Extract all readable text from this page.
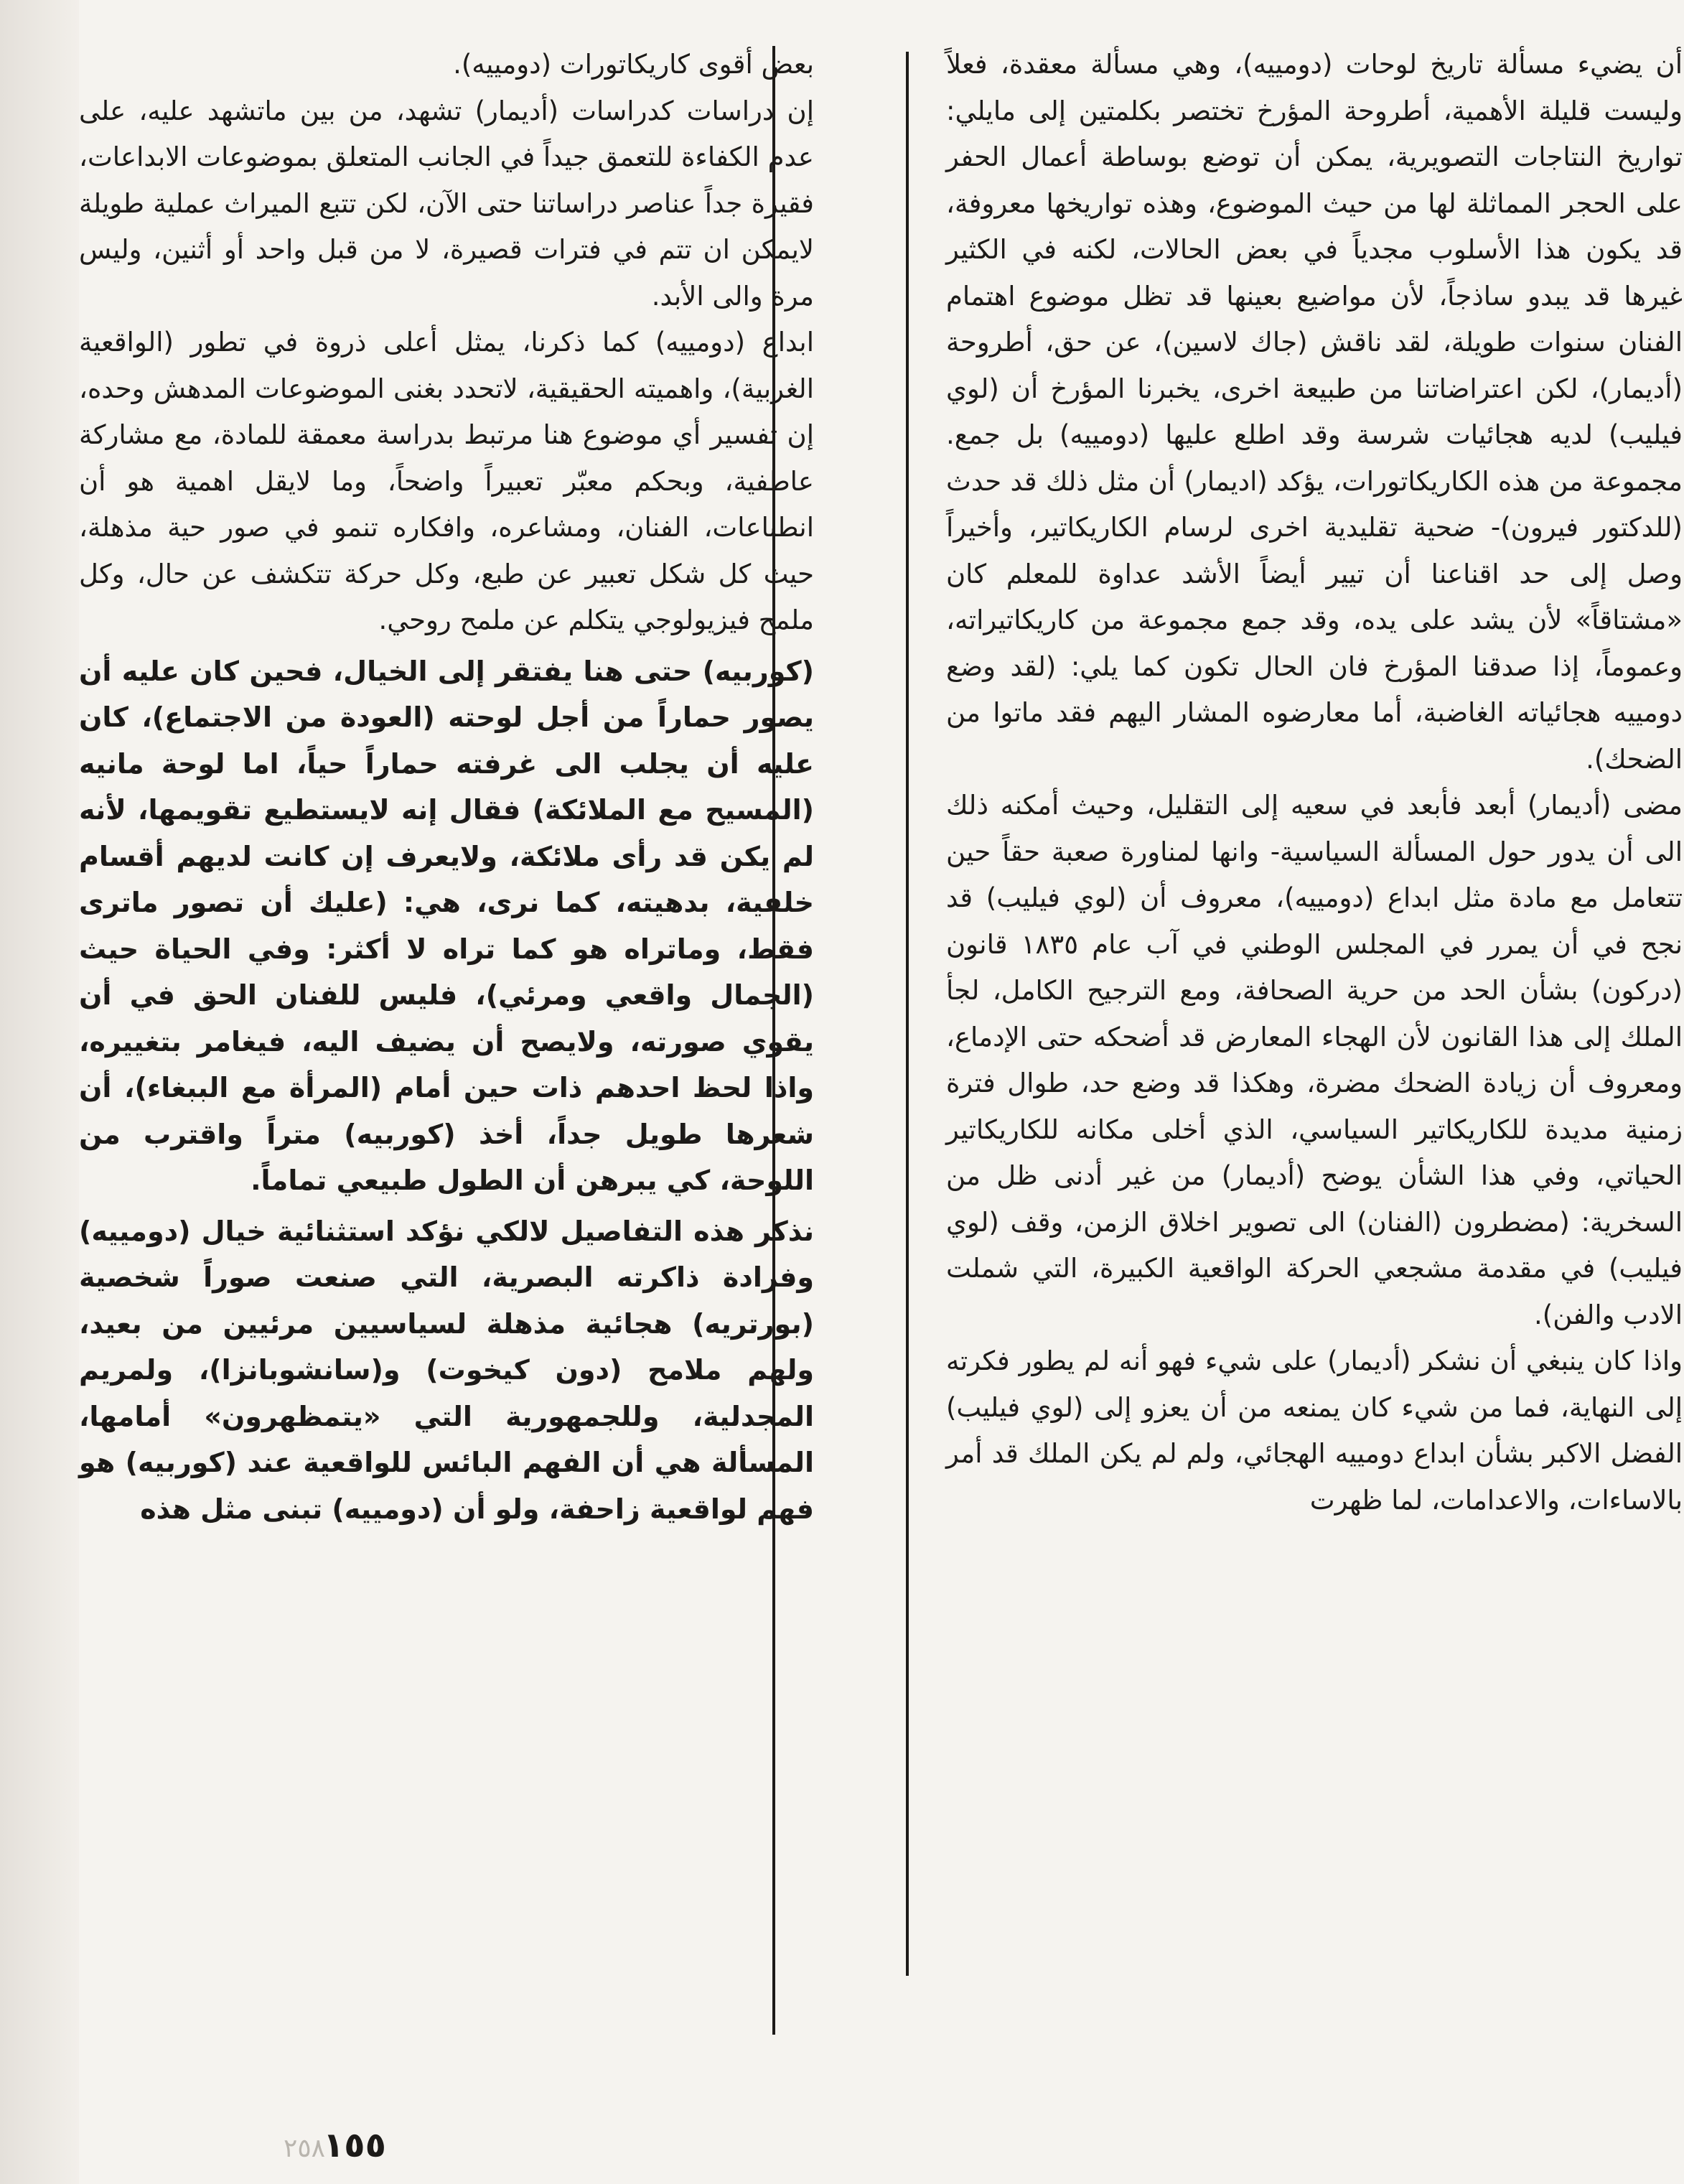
أن يضيء مسألة تاريخ لوحات (دومييه)، وهي مسألة معقدة، فعلاً وليست قليلة الأهمية، أطروحة المؤرخ تختصر بكلمتين إلى مايلي: تواريخ النتاجات التصويرية، يمكن أن توضع بوساطة أعمال الحفر على الحجر المماثلة لها من حيث الموضوع، وهذه تواريخها معروفة، قد يكون هذا الأسلوب مجدياً في بعض الحالات، لكنه في الكثير غيرها قد يبدو ساذجاً، لأن مواضيع بعينها قد تظل موضوع اهتمام الفنان سنوات طويلة، لقد ناقش (جاك لاسين)، عن حق، أطروحة (أديمار)، لكن اعتراضاتنا من طبيعة اخرى، يخبرنا المؤرخ أن (لوي فيليب) لديه هجائيات شرسة وقد اطلع عليها (دومييه) بل جمع. مجموعة من هذه الكاريكاتورات، يؤكد (اديمار) أن مثل ذلك قد حدث (للدكتور فيرون)- ضحية تقليدية اخرى لرسام الكاريكاتير، وأخيراً وصل إلى حد اقناعنا أن تيير أيضاً الأشد عداوة للمعلم كان «مشتاقاً» لأن يشد على يده، وقد جمع مجموعة من كاريكاتيراته، وعموماً، إذا صدقنا المؤرخ فان الحال تكون كما يلي: (لقد وضع دومييه هجائياته الغاضبة، أما معارضوه المشار اليهم فقد ماتوا من الضحك).

مضى (أديمار) أبعد فأبعد في سعيه إلى التقليل، وحيث أمكنه ذلك الى أن يدور حول المسألة السياسية- وانها لمناورة صعبة حقاً حين تتعامل مع مادة مثل ابداع (دومييه)، معروف أن (لوي فيليب) قد نجح في أن يمرر في المجلس الوطني في آب عام ١٨٣٥ قانون (دركون) بشأن الحد من حرية الصحافة، ومع الترجيح الكامل، لجأ الملك إلى هذا القانون لأن الهجاء المعارض قد أضحكه حتى الإدماع، ومعروف أن زيادة الضحك مضرة، وهكذا قد وضع حد، طوال فترة زمنية مديدة للكاريكاتير السياسي، الذي أخلى مكانه للكاريكاتير الحياتي، وفي هذا الشأن يوضح (أديمار) من غير أدنى ظل من السخرية: (مضطرون (الفنان) الى تصوير اخلاق الزمن، وقف (لوي فيليب) في مقدمة مشجعي الحركة الواقعية الكبيرة، التي شملت الادب والفن).

واذا كان ينبغي أن نشكر (أديمار) على شيء فهو أنه لم يطور فكرته إلى النهاية، فما من شيء كان يمنعه من أن يعزو إلى (لوي فيليب) الفضل الاكبر بشأن ابداع دومييه الهجائي، ولم لم يكن الملك قد أمر بالاساءات، والاعدامات، لما ظهرت

بعض أقوى كاريكاتورات (دومييه).

إن دراسات كدراسات (أديمار) تشهد، من بين ماتشهد عليه، على عدم الكفاءة للتعمق جيداً في الجانب المتعلق بموضوعات الابداعات، فقيرة جداً عناصر دراساتنا حتى الآن، لكن تتبع الميراث عملية طويلة لايمكن ان تتم في فترات قصيرة، لا من قبل واحد أو أثنين، وليس مرة والى الأبد.

ابداع (دومييه) كما ذكرنا، يمثل أعلى ذروة في تطور (الواقعية الغربية)، واهميته الحقيقية، لاتحدد بغنى الموضوعات المدهش وحده، إن تفسير أي موضوع هنا مرتبط بدراسة معمقة للمادة، مع مشاركة عاطفية، وبحكم معبّر تعبيراً واضحاً، وما لايقل اهمية هو أن انطباعات، الفنان، ومشاعره، وافكاره تنمو في صور حية مذهلة، حيث كل شكل تعبير عن طبع، وكل حركة تتكشف عن حال، وكل ملمح فيزيولوجي يتكلم عن ملمح روحي.

(كوربيه) حتى هنا يفتقر إلى الخيال، فحين كان عليه أن يصور حماراً من أجل لوحته (العودة من الاجتماع)، كان عليه أن يجلب الى غرفته حماراً حياً، اما لوحة مانيه (المسيح مع الملائكة) فقال إنه لايستطيع تقويمها، لأنه لم يكن قد رأى ملائكة، ولايعرف إن كانت لديهم أقسام خلفية، بدهيته، كما نرى، هي: (عليك أن تصور ماترى فقط، وماتراه هو كما تراه لا أكثر: وفي الحياة حيث (الجمال واقعي ومرئي)، فليس للفنان الحق في أن يقوي صورته، ولايصح أن يضيف اليه، فيغامر بتغييره، واذا لحظ احدهم ذات حين أمام (المرأة مع الببغاء)، أن شعرها طويل جداً، أخذ (كوربيه) متراً واقترب من اللوحة، كي يبرهن أن الطول طبيعي تماماً.

نذكر هذه التفاصيل لالكي نؤكد استثنائية خيال (دومييه) وفرادة ذاكرته البصرية، التي صنعت صوراً شخصية (بورتريه) هجائية مذهلة لسياسيين مرئيين من بعيد، ولهم ملامح (دون كيخوت) و(سانشوبانزا)، ولمريم المجدلية، وللجمهورية التي «يتمظهرون» أمامها، المسألة هي أن الفهم البائس للواقعية عند (كوربيه) هو فهم لواقعية زاحفة، ولو أن (دومييه) تبنى مثل هذه

٢٥٨
١٥٥
